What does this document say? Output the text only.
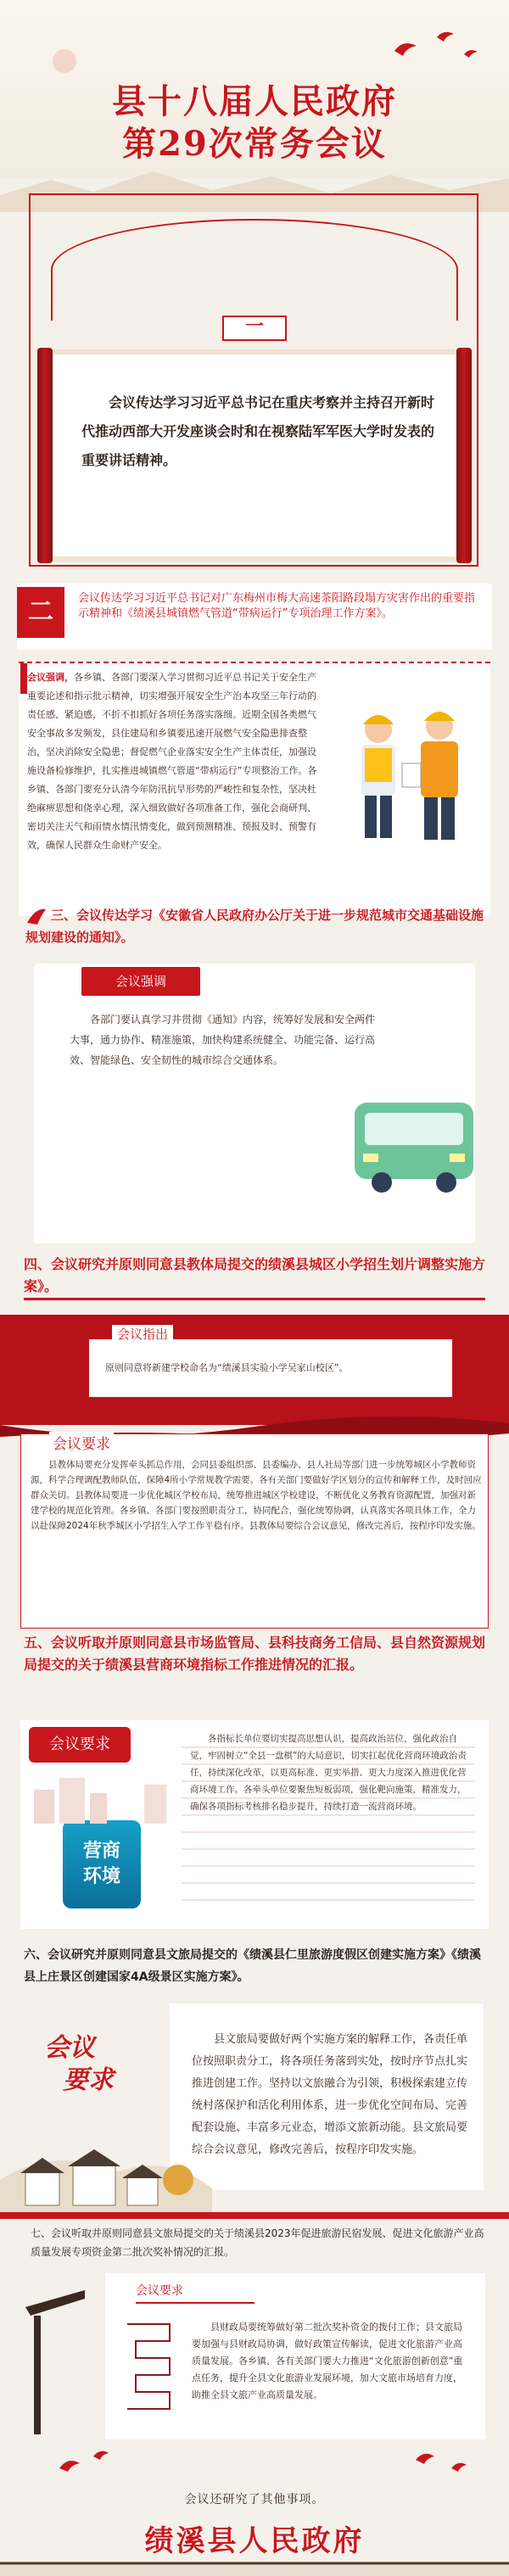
县十八届人民政府
第29次常务会议
一
会议传达学习习近平总书记在重庆考察并主持召开新时代推动西部大开发座谈会时和在视察陆军军医大学时发表的重要讲话精神。
二	会议传达学习习近平总书记对广东梅州市梅大高速茶阳路段塌方灾害作出的重要指示精神和《绩溪县城镇燃气管道“带病运行”专项治理工作方案》。
会议强调，各乡镇、各部门要深入学习贯彻习近平总书记关于安全生产重要论述和指示批示精神，切实增强开展安全生产治本攻坚三年行动的责任感、紧迫感，不折不扣抓好各项任务落实落细。近期全国各类燃气安全事故多发频发，县住建局和乡镇要迅速开展燃气安全隐患排查整治，坚决消除安全隐患；督促燃气企业落实安全生产主体责任，加强设施设备检修维护，扎实推进城镇燃气管道“带病运行”专项整治工作。各乡镇、各部门要充分认清今年防汛抗旱形势的严峻性和复杂性，坚决杜绝麻痹思想和侥幸心理，深入细致做好各项准备工作，强化会商研判、密切关注天气和雨情水情汛情变化，做到预测精准、预报及时、预警有效，确保人民群众生命财产安全。
三、会议传达学习《安徽省人民政府办公厅关于进一步规范城市交通基础设施规划建设的通知》。
会议强调
各部门要认真学习并贯彻《通知》内容，统筹好发展和安全两件大事，通力协作、精准施策，加快构建系统健全、功能完备、运行高效、智能绿色、安全韧性的城市综合交通体系。
四、会议研究并原则同意县教体局提交的绩溪县城区小学招生划片调整实施方案》。
会议指出
原则同意将新建学校命名为“绩溪县实验小学吴家山校区”。
会议要求
县教体局要充分发挥牵头抓总作用，会同县委组织部、县委编办、县人社局等部门进一步统筹城区小学教师资源，科学合理调配教师队伍，保障4所小学常规教学需要。各有关部门要做好学区划分的宣传和解释工作，及时回应群众关切。县教体局要进一步优化城区学校布局，统筹推进城区学校建设，不断优化义务教育资源配置，加强对新建学校的规范化管理。各乡镇、各部门要按照职责分工，协同配合，强化统筹协调，认真落实各项具体工作，全力以赴保障2024年秋季城区小学招生入学工作平稳有序。县教体局要综合会议意见，修改完善后，按程序印发实施。
五、会议听取并原则同意县市场监管局、县科技商务工信局、县自然资源规划局提交的关于绩溪县营商环境指标工作推进情况的汇报。
会议要求	各指标长单位要切实提高思想认识，提高政治站位，强化政治自觉，牢固树立“全县一盘棋”的大局意识，切实扛起优化营商环境政治责任，持续深化改革，以更高标准、更实举措、更大力度深入推进优化营商环境工作。各牵头单位要聚焦短板弱项，强化靶向施策，精准发力，确保各项指标考核排名稳步提升，持续打造一流营商环境。
营商
环境
六、会议研究并原则同意县文旅局提交的《绩溪县仁里旅游度假区创建实施方案》《绩溪县上庄景区创建国家4A级景区实施方案》。
会议
要求
县文旅局要做好两个实施方案的解释工作，各责任单位按照职责分工，将各项任务落到实处，按时序节点扎实推进创建工作。坚持以文旅融合为引领，积极探索建立传统村落保护和活化利用体系，进一步优化空间布局、完善配套设施、丰富多元业态，增添文旅新动能。县文旅局要综合会议意见，修改完善后，按程序印发实施。
七、会议听取并原则同意县文旅局提交的关于绩溪县2023年促进旅游民宿发展、促进文化旅游产业高质量发展专项资金第二批次奖补情况的汇报。
会议要求
县财政局要统筹做好第二批次奖补资金的拨付工作；县文旅局要加强与县财政局协调，做好政策宣传解读，促进文化旅游产业高质量发展。各乡镇、各有关部门要大力推进“文化旅游创新创意”重点任务，提升全县文化旅游业发展环境，加大文旅市场培育力度，助推全县文旅产业高质量发展。
会议还研究了其他事项。
绩溪县人民政府
